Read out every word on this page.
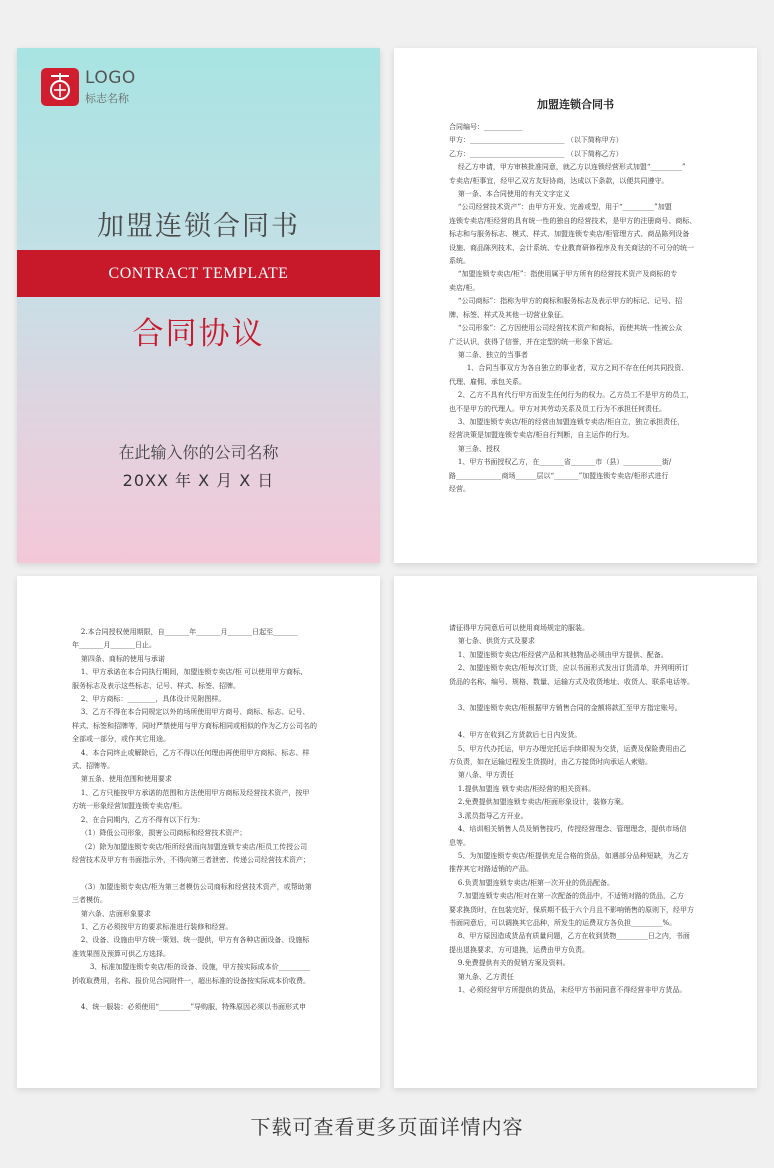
LOGO
标志名称
加盟连锁合同书
CONTRACT TEMPLATE
合同协议
在此输入你的公司名称
20XX 年 X 月 X 日
加盟连锁合同书

合同编号：___________

甲方：___________________________ （以下简称甲方）

乙方：___________________________ （以下简称乙方）

经乙方申请，甲方审核批准同意，就乙方以连锁经营形式加盟“_________”

专卖店/柜事宜，经甲乙双方友好协商，达成以下条款，以便共同遵守。

第一条、本合同使用的有关文字定义

“公司经营技术资产”：由甲方开发、完善或型，用于“_________”加盟

连锁专卖店/柜经营的具有统一性的独自的经营技术，是甲方的注册商号、商标、

标志和与服务标志、模式、样式、加盟连锁专卖店/柜管理方式、商品陈列设备

设施、商品陈列技术、会计系统、专业教育研修程序及有关商法的不可分的统一

系统。

“加盟连锁专卖店/柜”：指使用属于甲方所有的经营技术资产及商标的专

卖店/柜。

“公司商标”：指称为甲方的商标和服务标志及表示甲方的标记、记号、招

牌、标签、样式及其他一切营业象征。

“公司形象”：乙方因使用公司经营技术资产和商标，而使其统一性被公众

广泛认识，获得了信誉，并在定型的统一形象下营运。

第二条、独立的当事者

1、合同当事双方为各自独立的事业者，双方之间不存在任何共同投资、

代理、雇佣、承包关系。

2、乙方不具有代行甲方而发生任何行为的权力。乙方员工不是甲方的员工，

也不是甲方的代理人。甲方对其劳动关系及员工行为不承担任何责任。

3、加盟连锁专卖店/柜的经营由加盟连锁专卖店/柜自立，独立承担责任，

经营决策是加盟连锁专卖店/柜自行判断，自主运作的行为。

第三条、授权

1、甲方书面授权乙方，在_______省_______市（县）___________街/

路_____________商场______层以“_______”加盟连锁专卖店/柜形式进行

经营。

2.本合同授权使用期限，自_______年_______月_______日起至_______

年_______月_______日止。

第四条、商标的使用与承诺

1、甲方承诺在本合同执行期间，加盟连锁专卖店/柜 可以使用甲方商标、

服务标志及表示这些标志、记号、样式、标签、招牌。

2、甲方商标：________，具体设计见附图样。

3、乙方不得在本合同规定以外的场所使用甲方商号、商标、标志、记号、

样式、标签和招牌等，同时严禁使用与甲方商标相同或相似的作为乙方公司名的

全部或一部分，或作其它用途。

4、本合同终止或解除后，乙方不得以任何理由再使用甲方商标、标志、样

式、招牌等。

第五条、使用范围和使用要求

1、乙方只能按甲方承诺的范围和方法使用甲方商标及经营技术资产，按甲

方统一形象经营加盟连锁专卖店/柜。

2、在合同期内，乙方不得有以下行为：

（1）降低公司形象，损害公司商标和经营技术资产；

（2）除为加盟连锁专卖店/柜所经营而向加盟连锁专卖店/柜员工传授公司

经营技术及甲方有书面指示外，不得向第三者泄密、传递公司经营技术资产；

（3）加盟连锁专卖店/柜为第三者模仿公司商标和经营技术资产，或帮助第

三者模仿。

第六条、店面形象要求

1、乙方必须按甲方的要求标准进行装修和经营。

2、设备、设施由甲方统一策划、统一提供，甲方有各种店面设备、设施标

准效果图及预算可供乙方选择。

3、标准加盟连锁专卖店/柜的设备、设施，甲方按实际成本价_________

折收取费用，名称、报价见合同附件一，超出标准的设备按实际成本价收费。

4、统一服装：必须使用“_________”导购服，特殊原因必须以书面形式申

请征得甲方同意后可以使用商场规定的服装。

第七条、供货方式及要求

1、加盟连锁专卖店/柜经营产品和其他物品必须由甲方提供、配备。

2、加盟连锁专卖店/柜每次订货，应以书面形式发出订货清单，并列明所订

货品的名称、编号、规格、数量、运输方式及收货地址、收货人、联系电话等。

3、加盟连锁专卖店/柜根据甲方销售合同的金额将款汇至甲方指定账号。

4、甲方在收到乙方货款后七日内发货。

5、甲方代办托运，甲方办理完托运手续即视为交货，运费及保险费用由乙

方负责，如在运输过程发生货损时，由乙方接货时向承运人索赔。

第八条、甲方责任

1.提供加盟连 锁专卖店/柜经营的相关资料。

2.免费提供加盟连锁专卖店/柜面形象设计，装修方案。

3.派员指导乙方开业。

4、培训相关销售人员及销售技巧，传授经营理念、管理理念，提供市场信

息等。

5、为加盟连锁专卖店/柜提供充足合格的货品，如遇部分品种短缺，为乙方

推荐其它对路适销的产品。

6.负责加盟连锁专卖店/柜第一次开业的货品配备。

7.加盟连锁专卖店/柜对在第一次配备的货品中，不适销对路的货品，乙方

要求换货时，在包装完好，保质期不低于六个月且不影响销售的原则下，经甲方

书面同意后，可以调换其它品种，所发生的运费双方各负担_________%。

8、甲方原因造成货品有质量问题，乙方在收到货物_________日之内，书面

提出退换要求，方可退换，运费由甲方负责。

9.免费提供有关的促销方案及资料。

第九条、乙方责任

1、必须经营甲方所提供的货品，未经甲方书面同意不得经营非甲方货品。

下载可查看更多页面详情内容
